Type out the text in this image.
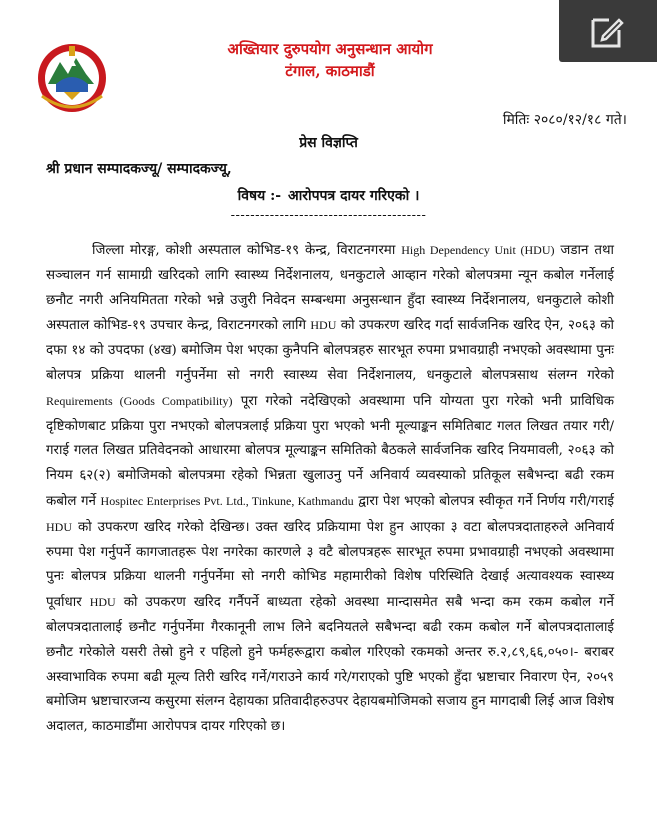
अख्तियार दुरुपयोग अनुसन्धान आयोग
टंगाल, काठमाडौं
मितिः २०८०/१२/१८ गते।
प्रेस विज्ञप्ति
श्री प्रधान सम्पादकज्यू/ सम्पादकज्यू,
विषय :- आरोपपत्र दायर गरिएको ।
----------------------------------------
जिल्ला मोरङ्ग, कोशी अस्पताल कोभिड-१९ केन्द्र, विराटनगरमा High Dependency Unit (HDU) जडान तथा सञ्चालन गर्न सामाग्री खरिदको लागि स्वास्थ्य निर्देशनालय, धनकुटाले आव्हान गरेको बोलपत्रमा न्यून कबोल गर्नेलाई छनौट नगरी अनियमितता गरेको भन्ने उजुरी निवेदन सम्बन्धमा अनुसन्धान हुँदा स्वास्थ्य निर्देशनालय, धनकुटाले कोशी अस्पताल कोभिड-१९ उपचार केन्द्र, विराटनगरको लागि HDU को उपकरण खरिद गर्दा सार्वजनिक खरिद ऐन, २०६३ को दफा १४ को उपदफा (४ख) बमोजिम पेश भएका कुनैपनि बोलपत्रहरु सारभूत रुपमा प्रभावग्राही नभएको अवस्थामा पुनः बोलपत्र प्रक्रिया थालनी गर्नुपर्नेमा सो नगरी स्वास्थ्य सेवा निर्देशनालय, धनकुटाले बोलपत्रसाथ संलग्न गरेको Requirements (Goods Compatibility) पूरा गरेको नदेखिएको अवस्थामा पनि योग्यता पुरा गरेको भनी प्राविधिक दृष्टिकोणबाट प्रक्रिया पुरा नभएको बोलपत्रलाई प्रक्रिया पुरा भएको भनी मूल्याङ्कन समितिबाट गलत लिखत तयार गरी/गराई गलत लिखत प्रतिवेदनको आधारमा बोलपत्र मूल्याङ्कन समितिको बैठकले सार्वजनिक खरिद नियमावली, २०६३ को नियम ६२(२) बमोजिमको बोलपत्रमा रहेको भिन्नता खुलाउनु पर्ने अनिवार्य व्यवस्याको प्रतिकूल सबैभन्दा बढी रकम कबोल गर्ने Hospitec Enterprises Pvt. Ltd., Tinkune, Kathmandu द्वारा पेश भएको बोलपत्र स्वीकृत गर्ने निर्णय गरी/गराई HDU को उपकरण खरिद गरेको देखिन्छ। उक्त खरिद प्रक्रियामा पेश हुन आएका ३ वटा बोलपत्रदाताहरुले अनिवार्य रुपमा पेश गर्नुपर्ने कागजातहरू पेश नगरेका कारणले ३ वटै बोलपत्रहरू सारभूत रुपमा प्रभावग्राही नभएको अवस्थामा पुनः बोलपत्र प्रक्रिया थालनी गर्नुपर्नेमा सो नगरी कोभिड महामारीको विशेष परिस्थिति देखाई अत्यावश्यक स्वास्थ्य पूर्वाधार HDU को उपकरण खरिद गर्नैपर्ने बाध्यता रहेको अवस्था मान्दासमेत सबै भन्दा कम रकम कबोल गर्ने बोलपत्रदातालाई छनौट गर्नुपर्नेमा गैरकानूनी लाभ लिने बदनियतले सबैभन्दा बढी रकम कबोल गर्ने बोलपत्रदातालाई छनौट गरेकोले यसरी तेस्रो हुने र पहिलो हुने फर्महरूद्वारा कबोल गरिएको रकमको अन्तर रु.२,८९,६६,०५०।- बराबर अस्वाभाविक रुपमा बढी मूल्य तिरी खरिद गर्ने/गराउने कार्य गरे/गराएको पुष्टि भएको हुँदा भ्रष्टाचार निवारण ऐन, २०५९ बमोजिम भ्रष्टाचारजन्य कसुरमा संलग्न देहायका प्रतिवादीहरुउपर देहायबमोजिमको सजाय हुन मागदाबी लिई आज विशेष अदालत, काठमाडौंमा आरोपपत्र दायर गरिएको छ।
